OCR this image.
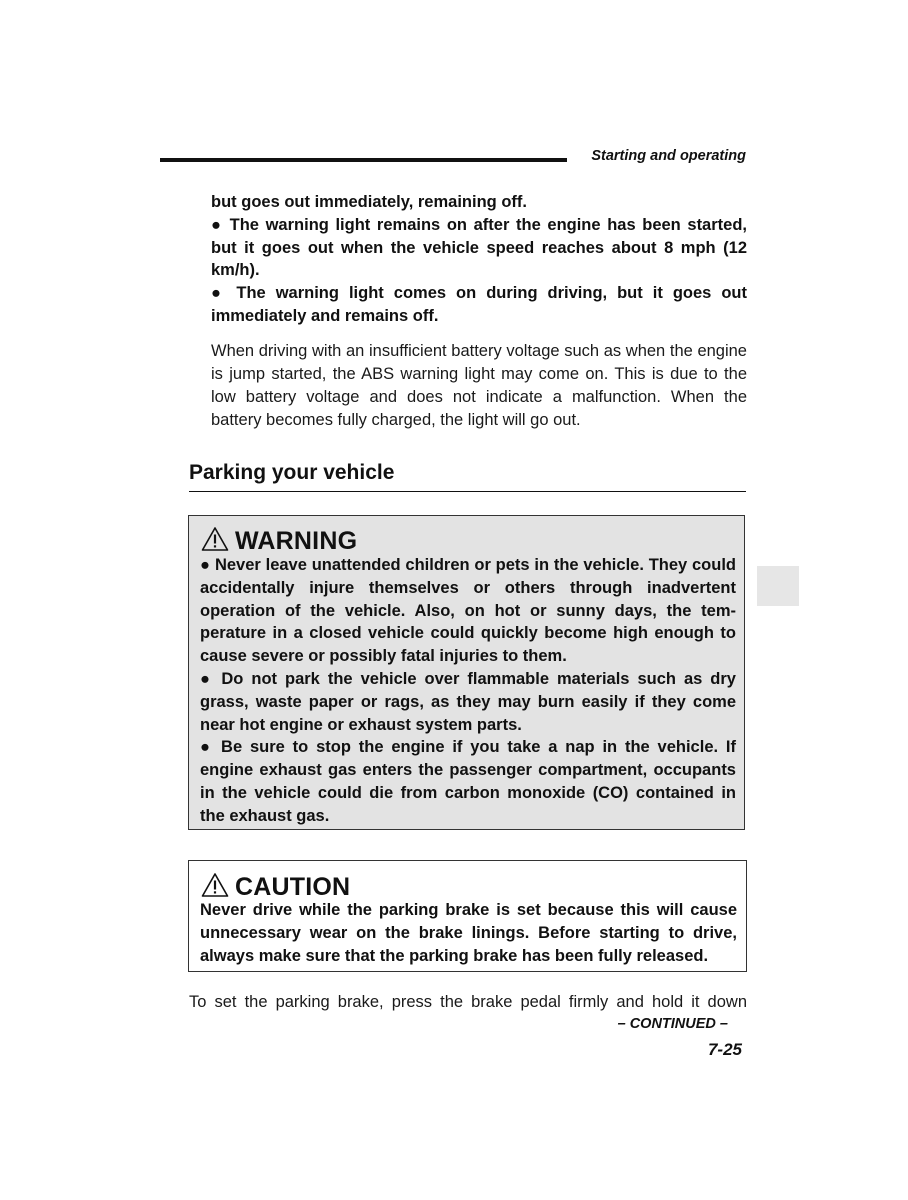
Starting and operating

but goes out immediately, remaining off.

● The warning light remains on after the engine has been started, but it goes out when the vehicle speed reaches about 8 mph (12 km/h).

● The warning light comes on during driving, but it goes out immediately and remains off.

When driving with an insufficient battery voltage such as when the engine is jump started, the ABS warning light may come on. This is due to the low battery voltage and does not indicate a malfunction. When the battery becomes fully charged, the light will go out.

Parking your vehicle
WARNING

● Never leave unattended children or pets in the vehicle. They could accidentally injure themselves or others through inadvertent operation of the vehicle. Also, on hot or sunny days, the temperature in a closed vehicle could quickly become high enough to cause severe or possibly fatal injuries to them.

● Do not park the vehicle over flammable materials such as dry grass, waste paper or rags, as they may burn easily if they come near hot engine or exhaust system parts.

● Be sure to stop the engine if you take a nap in the vehicle. If engine exhaust gas enters the passenger compartment, occupants in the vehicle could die from carbon monoxide (CO) contained in the exhaust gas.

CAUTION
Never drive while the parking brake is set because this will cause unnecessary wear on the brake linings. Before starting to drive, always make sure that the parking brake has been fully released.
To set the parking brake, press the brake pedal firmly and hold it down
– CONTINUED –
7-25
